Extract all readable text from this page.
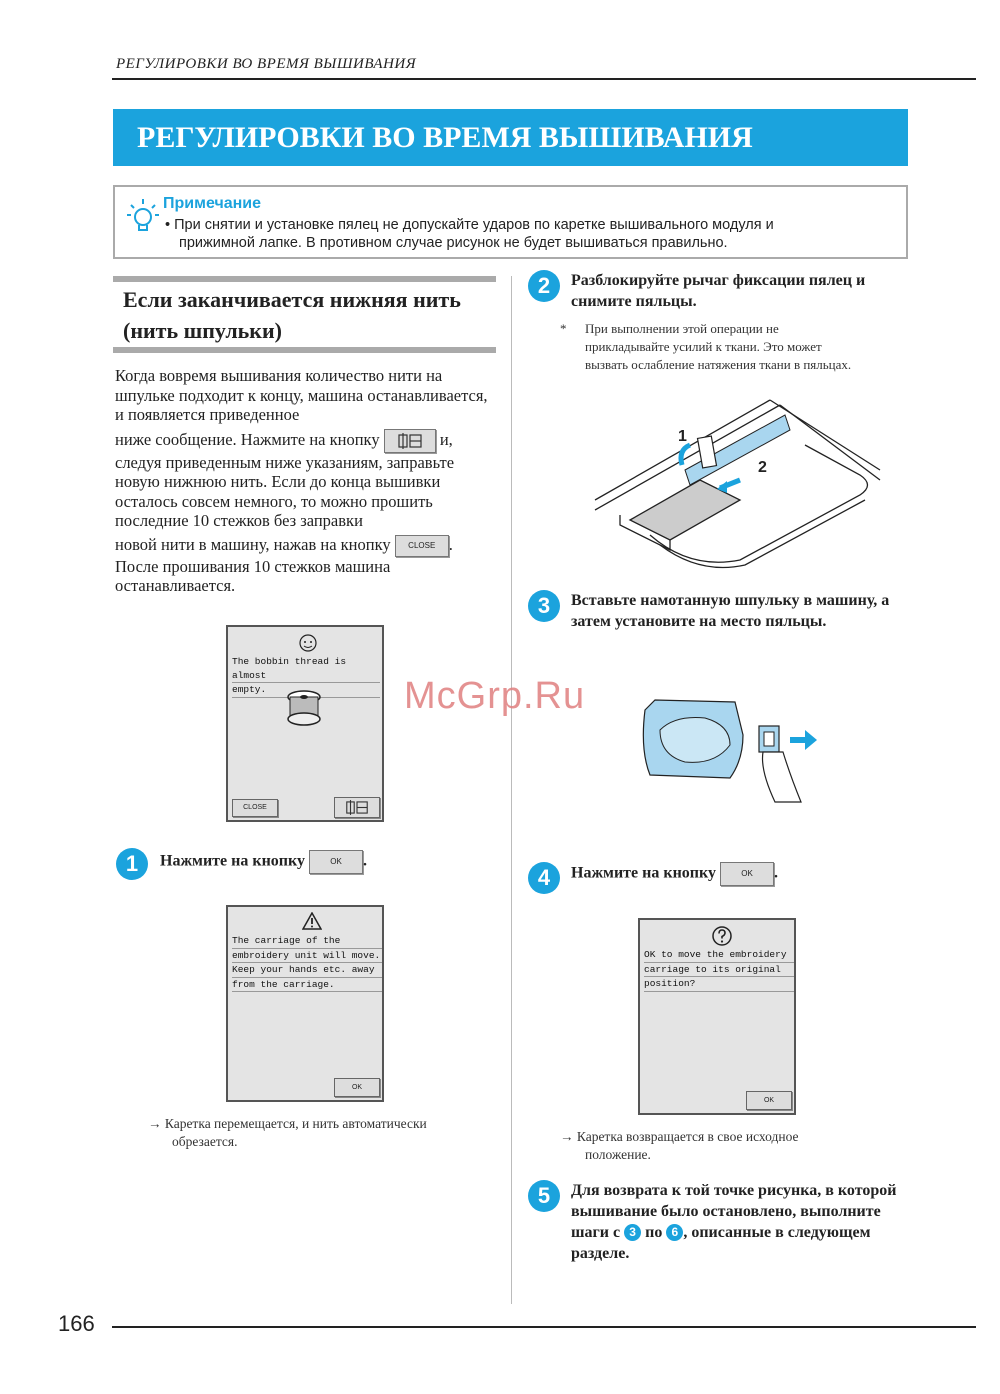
РЕГУЛИРОВКИ ВО ВРЕМЯ ВЫШИВАНИЯ
РЕГУЛИРОВКИ ВО ВРЕМЯ ВЫШИВАНИЯ
Примечание
• При снятии и установке пялец не допускайте ударов по каретке вышивального модуля и
прижимной лапке. В противном случае рисунок не будет вышиваться правильно.
Если заканчивается нижняя нить
(нить шпульки)
Когда вовремя вышивания количество нити на шпульке подходит к концу, машина останавливается, и появляется приведенное
ниже сообщение. Нажмите на кнопку	и,
следуя приведенным ниже указаниям, заправьте новую нижнюю нить. Если до конца вышивки осталось совсем немного, то можно прошить последние 10 стежков без заправки
новой нити в машину, нажав на кнопку CLOSE .
После прошивания 10 стежков машина останавливается.
The bobbin thread is almost
empty.
CLOSE
1	Нажмите на кнопку	OK .
The carriage of the
embroidery unit will move.
Keep your hands etc. away
from the carriage.
OK
→ Каретка перемещается, и нить автоматически
обрезается.
2	Разблокируйте рычаг фиксации пялец и
снимите пяльцы.
*	При выполнении этой операции не
прикладывайте усилий к ткани. Это может
вызвать ослабление натяжения ткани в пяльцах.
1
2
3	Вставьте намотанную шпульку в машину, а
затем установите на место пяльцы.
McGrp.Ru
4	Нажмите на кнопку	OK .
OK to move the embroidery
carriage to its original
position?
OK
→ Каретка возвращается в свое исходное
положение.
5	Для возврата к той точке рисунка, в которой
вышивание было остановлено, выполните
шаги с 3 по 6 , описанные в следующем
разделе.
166
